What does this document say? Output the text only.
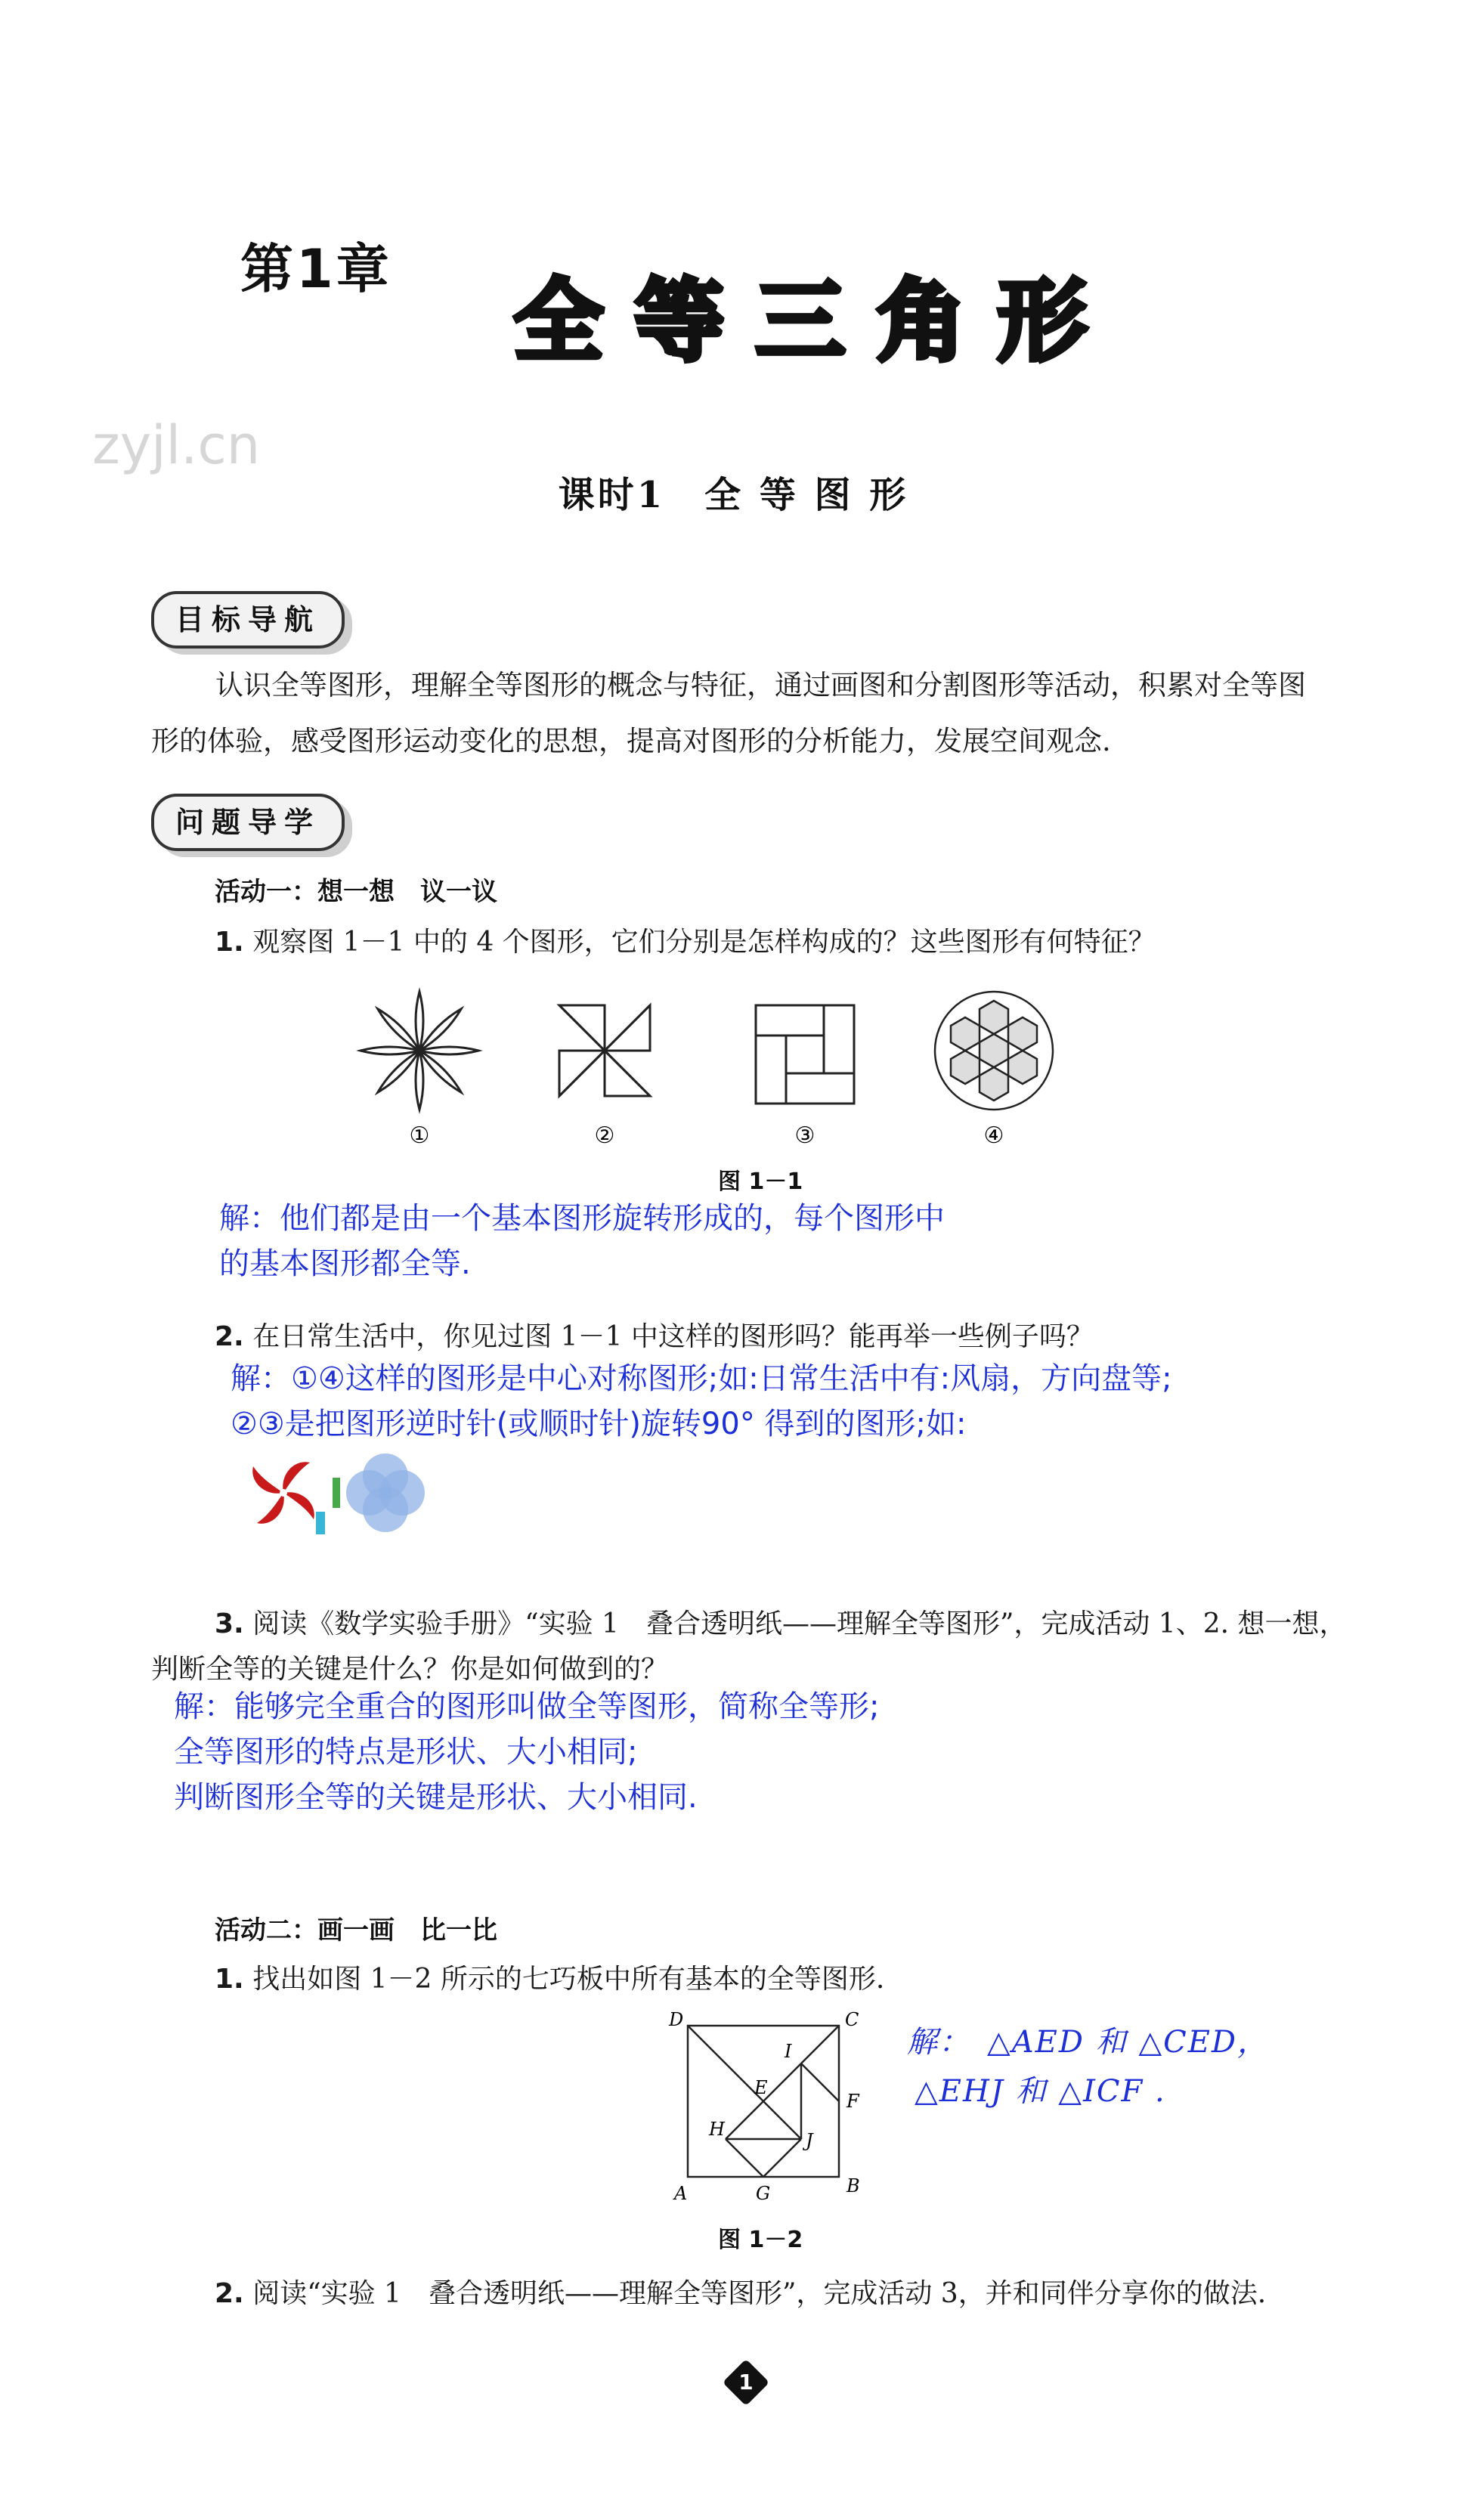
第1章 全等三角形
zyjl.cn
课时1　全 等 图 形
目标导航
认识全等图形，理解全等图形的概念与特征，通过画图和分割图形等活动，积累对全等图
形的体验，感受图形运动变化的思想，提高对图形的分析能力，发展空间观念.
问题导学
活动一：想一想　议一议
1. 观察图 1－1 中的 4 个图形，它们分别是怎样构成的？这些图形有何特征？
①	②	③	④
图 1－1
解：他们都是由一个基本图形旋转形成的，每个图形中
的基本图形都全等.
2. 在日常生活中，你见过图 1－1 中这样的图形吗？能再举一些例子吗？
解：①④这样的图形是中心对称图形;如:日常生活中有:风扇，方向盘等;
②③是把图形逆时针(或顺时针)旋转90° 得到的图形;如:
3. 阅读《数学实验手册》“实验 1　叠合透明纸——理解全等图形”，完成活动 1、2. 想一想，
判断全等的关键是什么？你是如何做到的？
解：能够完全重合的图形叫做全等图形，简称全等形;
全等图形的特点是形状、大小相同;
判断图形全等的关键是形状、大小相同.
活动二：画一画　比一比
1. 找出如图 1－2 所示的七巧板中所有基本的全等图形.
D	C
I
E
F
H
J
A	G	B
解：　△AED 和 △CED，
△EHJ 和 △ICF .
图 1－2
2. 阅读“实验 1　叠合透明纸——理解全等图形”，完成活动 3，并和同伴分享你的做法.
1
